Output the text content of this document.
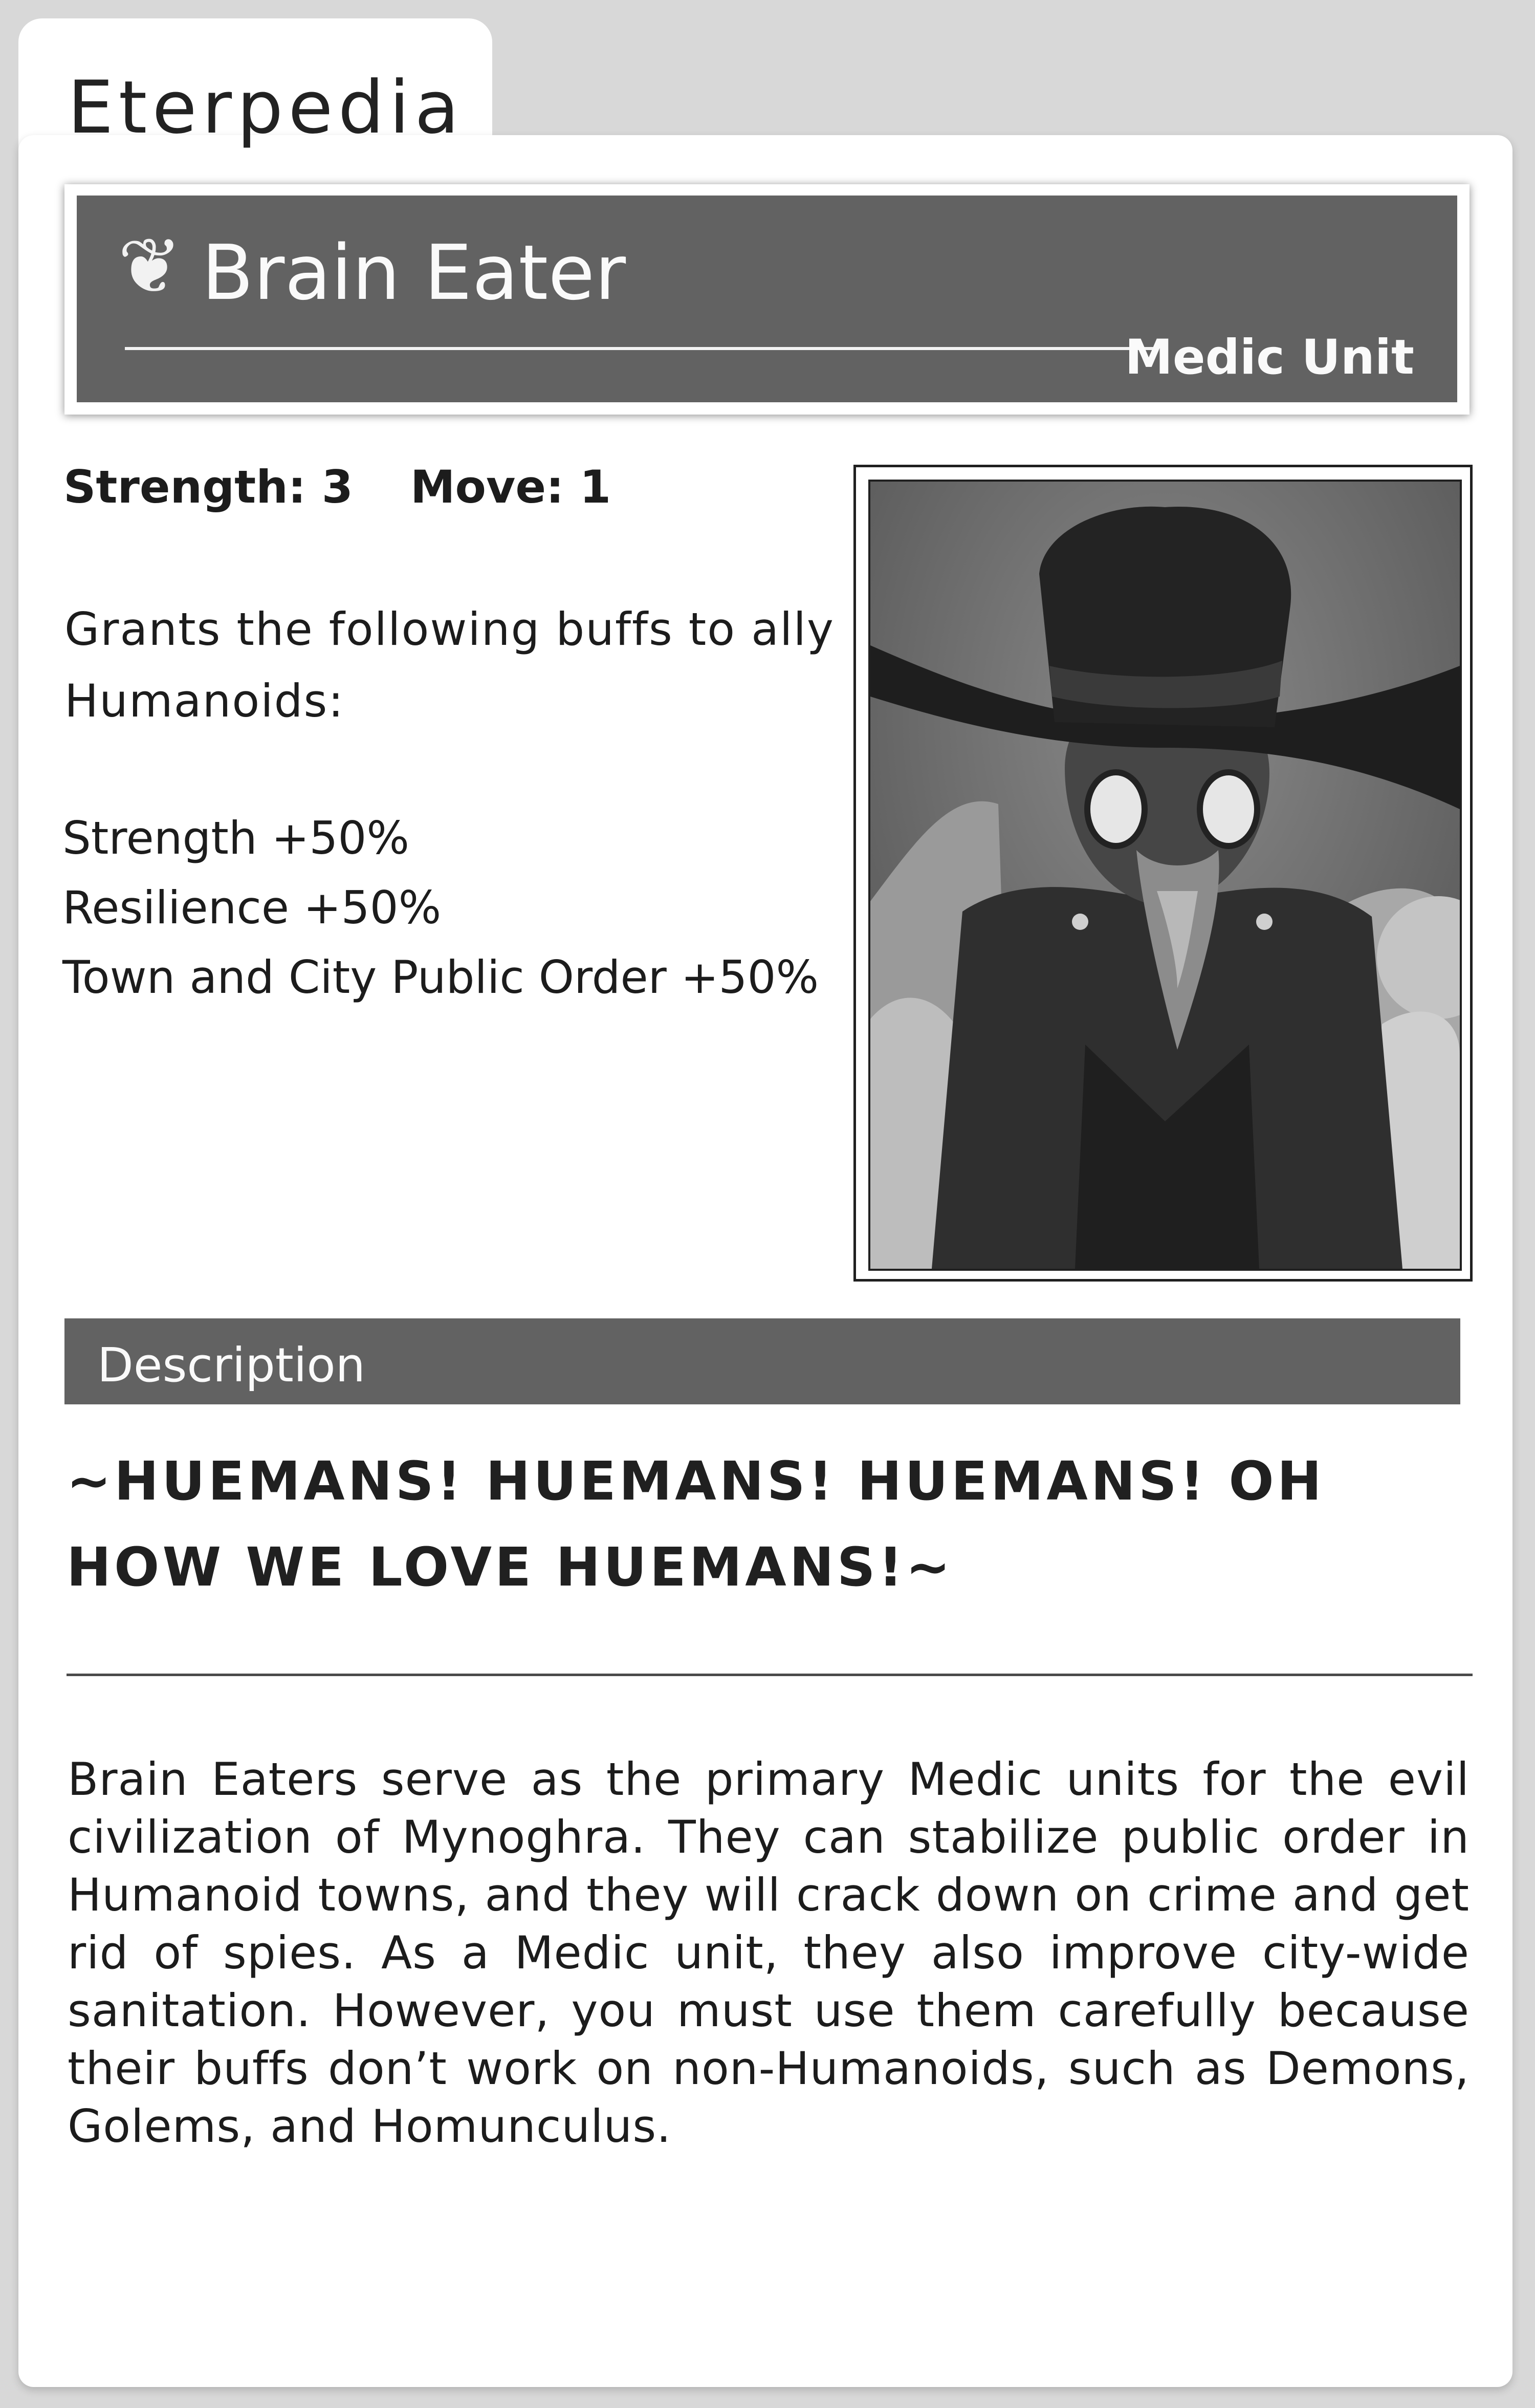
Eterpedia
❦ Brain Eater
Medic Unit
Strength: 3 Move: 1
Grants the following buffs to ally Humanoids:
Strength +50%
Resilience +50%
Town and City Public Order +50%
Description
~HUEMANS! HUEMANS! HUEMANS! OH HOW WE LOVE HUEMANS!~
Brain Eaters serve as the primary Medic units for the evil civilization of Mynoghra. They can stabilize public order in Humanoid towns, and they will crack down on crime and get rid of spies. As a Medic unit, they also improve city-wide sanitation. However, you must use them carefully because their buffs don’t work on non-Humanoids, such as Demons, Golems, and Homunculus.
